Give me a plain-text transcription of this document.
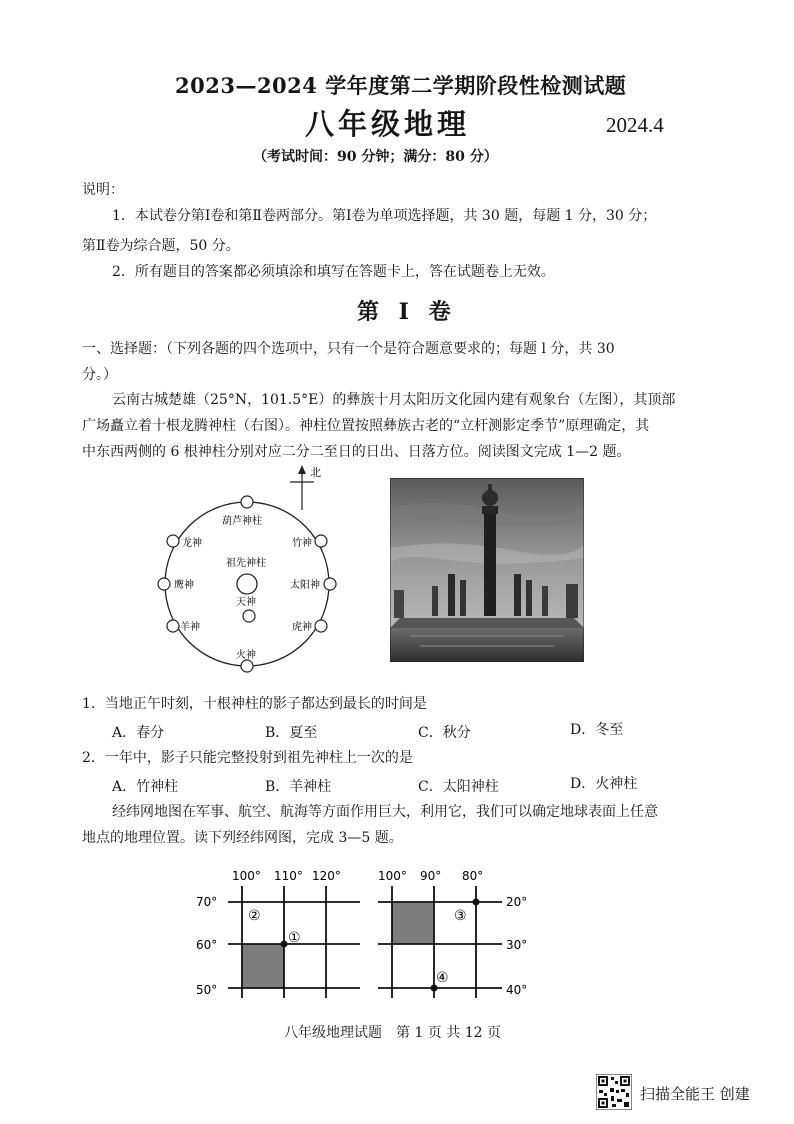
2023—2024 学年度第二学期阶段性检测试题
八年级地理	2024.4
（考试时间：90 分钟；满分：80 分）
说明：
1．本试卷分第Ⅰ卷和第Ⅱ卷两部分。第Ⅰ卷为单项选择题，共 30 题，每题 1 分，30 分；
第Ⅱ卷为综合题，50 分。
2．所有题目的答案都必须填涂和填写在答题卡上，答在试题卷上无效。
第 I 卷
一、选择题：（下列各题的四个选项中，只有一个是符合题意要求的；每题 l 分，共 30
分。）
云南古城楚雄（25°N，101.5°E）的彝族十月太阳历文化园内建有观象台（左图），其顶部
广场矗立着十根龙腾神柱（右图）。神柱位置按照彝族古老的“立杆测影定季节”原理确定，其
中东西两侧的 6 根神柱分别对应二分二至日的日出、日落方位。阅读图文完成 1—2 题。
北
葫芦神柱
龙神	竹神
祖先神柱
鹰神	太阳神
天神
羊神	虎神
火神
1．当地正午时刻，十根神柱的影子都达到最长的时间是
A．春分	B．夏至	C．秋分	D．冬至
2．一年中，影子只能完整投射到祖先神柱上一次的是
A．竹神柱	B．羊神柱	C．太阳神柱	D．火神柱
经纬网地图在军事、航空、航海等方面作用巨大，利用它，我们可以确定地球表面上任意
地点的地理位置。读下列经纬网图，完成 3—5 题。
100° 110° 120°
70°
60°
50°
②
①
100° 90° 80°
20°
30°
40°
③
④
八年级地理试题　第 1 页 共 12 页
扫描全能王 创建
